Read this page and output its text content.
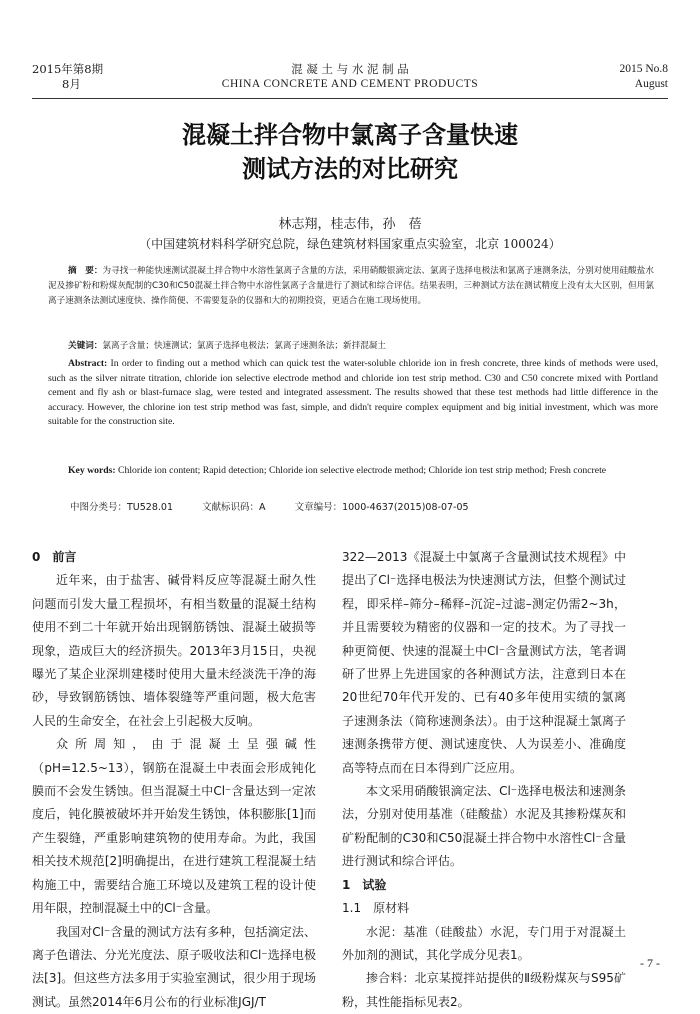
2015年第8期
8月
混 凝 土 与 水 泥 制 品
CHINA CONCRETE AND CEMENT PRODUCTS
2015 No.8
August
混凝土拌合物中氯离子含量快速
测试方法的对比研究
林志翔，桂志伟，孙　蓓
（中国建筑材料科学研究总院，绿色建筑材料国家重点实验室，北京 100024）
摘　要：为寻找一种能快速测试混凝土拌合物中水溶性氯离子含量的方法，采用硝酸银滴定法、氯离子选择电极法和氯离子速测条法，分别对使用硅酸盐水泥及掺矿粉和粉煤灰配制的C30和C50混凝土拌合物中水溶性氯离子含量进行了测试和综合评估。结果表明，三种测试方法在测试精度上没有太大区别，但用氯离子速测条法测试速度快、操作简便、不需要复杂的仪器和大的初期投资，更适合在施工现场使用。
关键词：氯离子含量；快速测试；氯离子选择电极法；氯离子速测条法；新拌混凝土
Abstract: In order to finding out a method which can quick test the water-soluble chloride ion in fresh concrete, three kinds of methods were used, such as the silver nitrate titration, chloride ion selective electrode method and chloride ion test strip method. C30 and C50 concrete mixed with Portland cement and fly ash or blast-furnace slag, were tested and integrated assessment. The results showed that these test methods had little difference in the accuracy. However, the chlorine ion test strip method was fast, simple, and didn't require complex equipment and big initial investment, which was more suitable for the construction site.
Key words: Chloride ion content; Rapid detection; Chloride ion selective electrode method; Chloride ion test strip method; Fresh concrete
中图分类号：TU528.01	文献标识码：A	文章编号：1000-4637(2015)08-07-05
0　前言

近年来，由于盐害、碱骨料反应等混凝土耐久性问题而引发大量工程损坏，有相当数量的混凝土结构使用不到二十年就开始出现钢筋锈蚀、混凝土破损等现象，造成巨大的经济损失。2013年3月15日，央视曝光了某企业深圳建楼时使用大量未经淡洗干净的海砂，导致钢筋锈蚀、墙体裂缝等严重问题，极大危害人民的生命安全，在社会上引起极大反响。

众所周知，由于混凝土呈强碱性（pH=12.5~13），钢筋在混凝土中表面会形成钝化膜而不会发生锈蚀。但当混凝土中Cl⁻含量达到一定浓度后，钝化膜被破坏并开始发生锈蚀，体积膨胀[1]而产生裂缝，严重影响建筑物的使用寿命。为此，我国相关技术规范[2]明确提出，在进行建筑工程混凝土结构施工中，需要结合施工环境以及建筑工程的设计使用年限，控制混凝土中的Cl⁻含量。

我国对Cl⁻含量的测试方法有多种，包括滴定法、离子色谱法、分光光度法、原子吸收法和Cl⁻选择电极法[3]。但这些方法多用于实验室测试，很少用于现场测试。虽然2014年6月公布的行业标准JGJ/T

322—2013《混凝土中氯离子含量测试技术规程》中提出了Cl⁻选择电极法为快速测试方法，但整个测试过程，即采样–筛分–稀释–沉淀–过滤–测定仍需2~3h，并且需要较为精密的仪器和一定的技术。为了寻找一种更简便、快速的混凝土中Cl⁻含量测试方法，笔者调研了世界上先进国家的各种测试方法，注意到日本在20世纪70年代开发的、已有40多年使用实绩的氯离子速测条法（简称速测条法）。由于这种混凝土氯离子速测条携带方便、测试速度快、人为误差小、准确度高等特点而在日本得到广泛应用。

本文采用硝酸银滴定法、Cl⁻选择电极法和速测条法，分别对使用基准（硅酸盐）水泥及其掺粉煤灰和矿粉配制的C30和C50混凝土拌合物中水溶性Cl⁻含量进行测试和综合评估。

1　试验
1.1　原材料

水泥：基准（硅酸盐）水泥，专门用于对混凝土外加剂的测试，其化学成分见表1。

掺合料：北京某搅拌站提供的Ⅱ级粉煤灰与S95矿粉，其性能指标见表2。

- 7 -
